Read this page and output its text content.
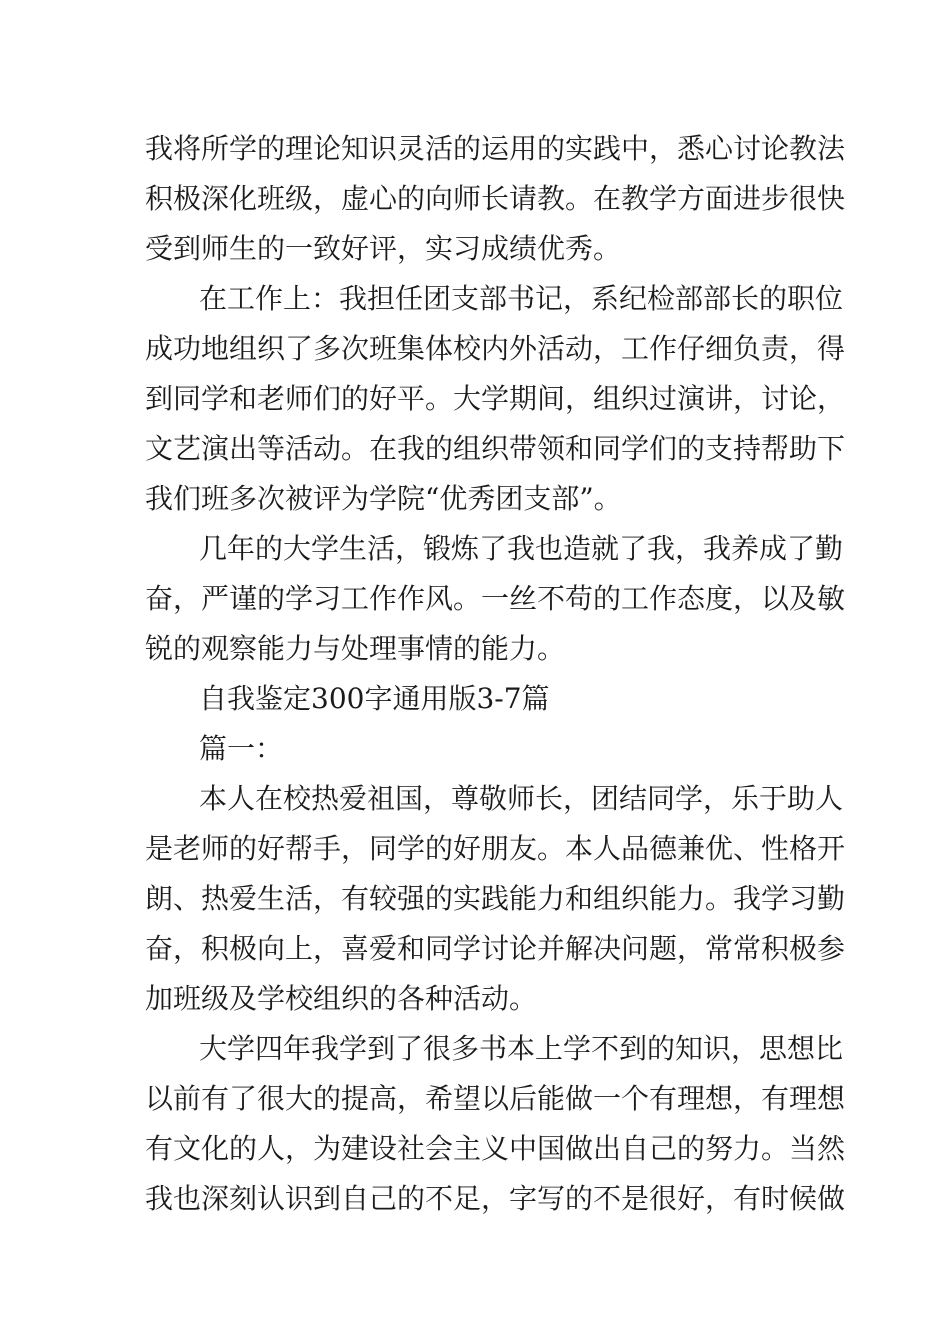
我将所学的理论知识灵活的运用的实践中，悉心讨论教法

积极深化班级，虚心的向师长请教。在教学方面进步很快

受到师生的一致好评，实习成绩优秀。

在工作上：我担任团支部书记，系纪检部部长的职位

成功地组织了多次班集体校内外活动，工作仔细负责，得

到同学和老师们的好平。大学期间，组织过演讲，讨论，

文艺演出等活动。在我的组织带领和同学们的支持帮助下

我们班多次被评为学院“优秀团支部”。

几年的大学生活，锻炼了我也造就了我，我养成了勤

奋，严谨的学习工作作风。一丝不苟的工作态度，以及敏

锐的观察能力与处理事情的能力。

自我鉴定300字通用版3-7篇

篇一：

本人在校热爱祖国，尊敬师长，团结同学，乐于助人

是老师的好帮手，同学的好朋友。本人品德兼优、性格开

朗、热爱生活，有较强的实践能力和组织能力。我学习勤

奋，积极向上，喜爱和同学讨论并解决问题，常常积极参

加班级及学校组织的各种活动。

大学四年我学到了很多书本上学不到的知识，思想比

以前有了很大的提高，希望以后能做一个有理想，有理想

有文化的人，为建设社会主义中国做出自己的努力。当然

我也深刻认识到自己的不足，字写的不是很好，有时候做
